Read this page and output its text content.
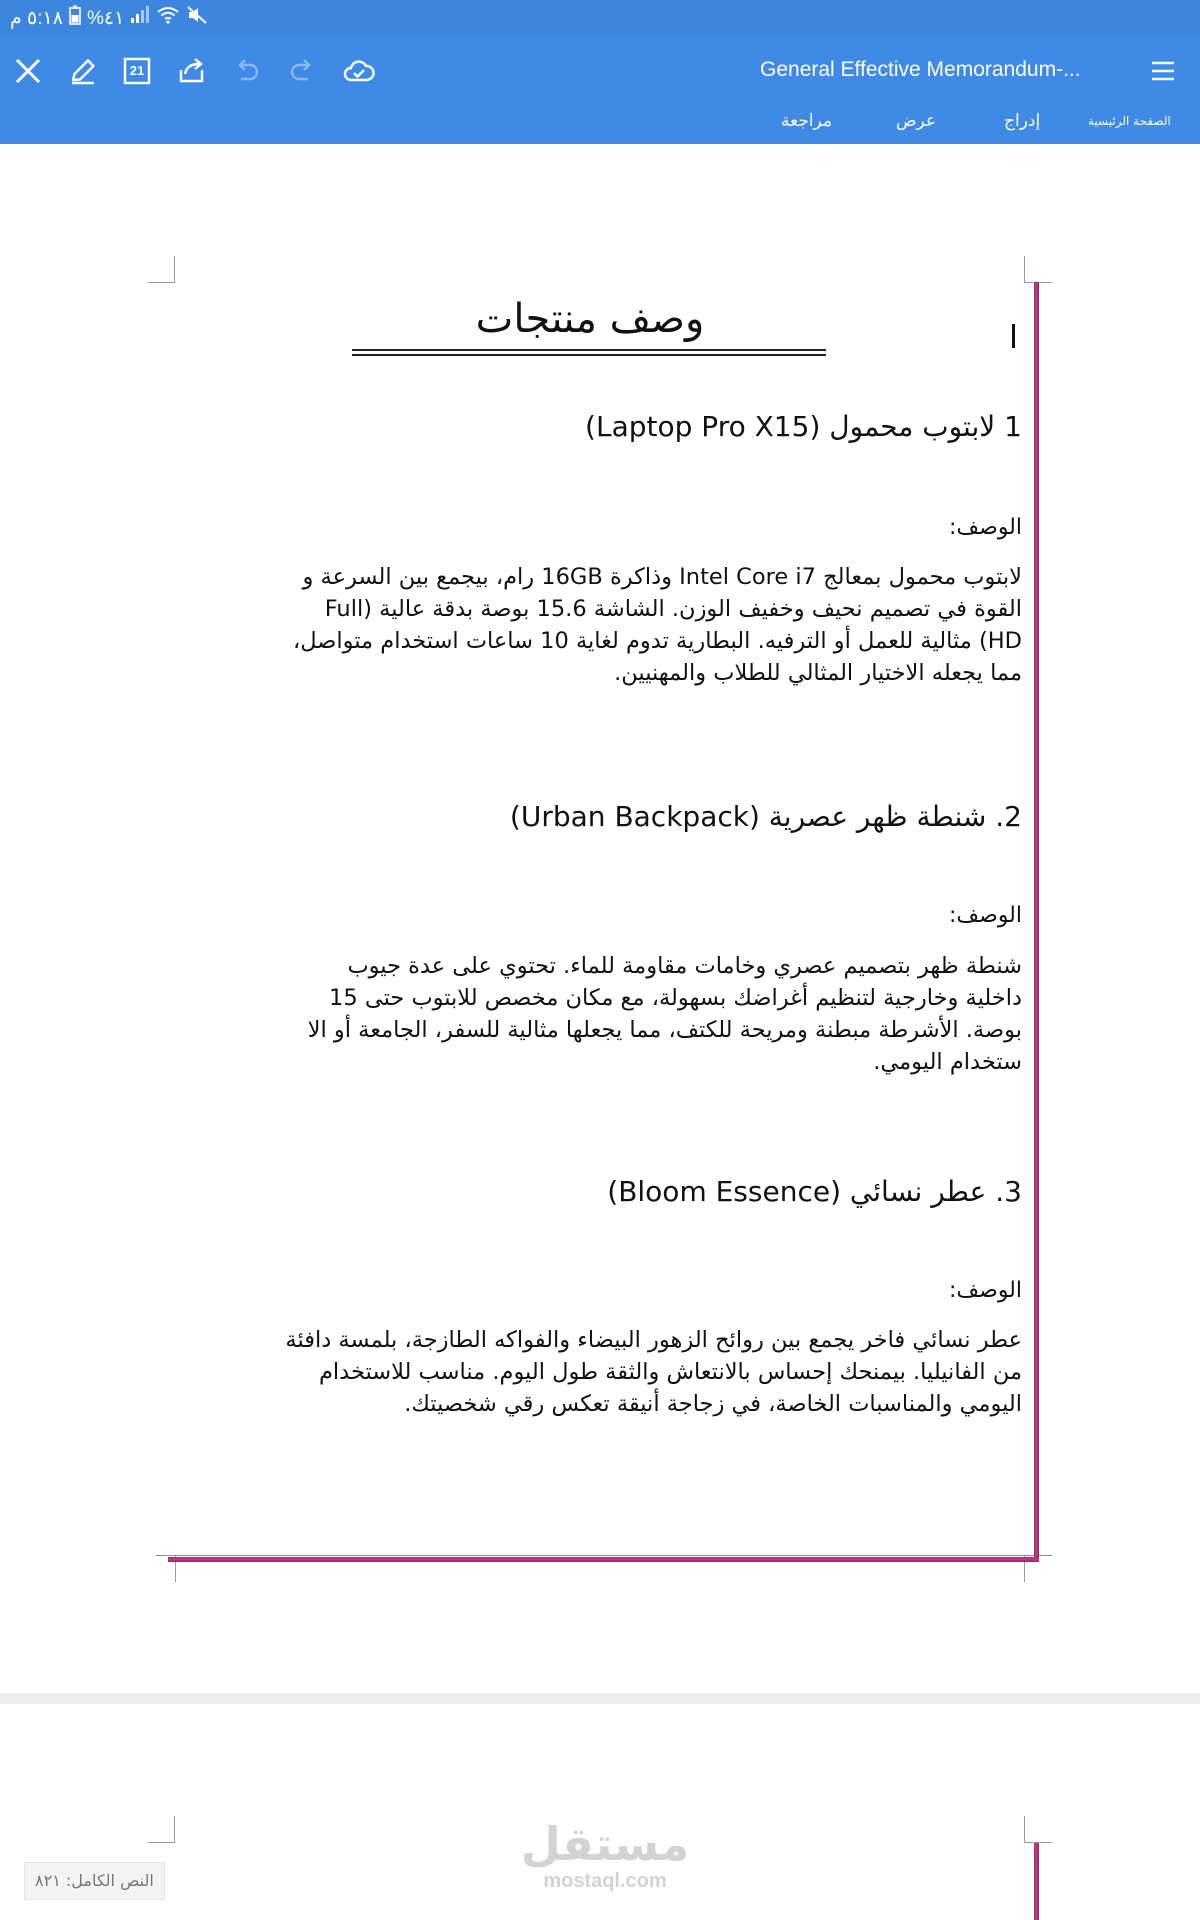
٥:١٨ م %٤١
21	General Effective Memorandum-...
الصفحة الرئيسية
إدراج
عرض
مراجعة
وصف منتجات
1 لابتوب محمول (Laptop Pro X15)
الوصف:
لابتوب محمول بمعالج Intel Core i7 وذاكرة 16GB رام، بيجمع بين السرعة و
القوة في تصميم نحيف وخفيف الوزن. الشاشة 15.6 بوصة بدقة عالية (Full
HD) مثالية للعمل أو الترفيه. البطارية تدوم لغاية 10 ساعات استخدام متواصل،
مما يجعله الاختيار المثالي للطلاب والمهنيين.
2. شنطة ظهر عصرية (Urban Backpack)
الوصف:
شنطة ظهر بتصميم عصري وخامات مقاومة للماء. تحتوي على عدة جيوب
داخلية وخارجية لتنظيم أغراضك بسهولة، مع مكان مخصص للابتوب حتى 15
بوصة. الأشرطة مبطنة ومريحة للكتف، مما يجعلها مثالية للسفر، الجامعة أو الا
ستخدام اليومي.
3. عطر نسائي (Bloom Essence)
الوصف:
عطر نسائي فاخر يجمع بين روائح الزهور البيضاء والفواكه الطازجة، بلمسة دافئة
من الفانيليا. بيمنحك إحساس بالانتعاش والثقة طول اليوم. مناسب للاستخدام
اليومي والمناسبات الخاصة، في زجاجة أنيقة تعكس رقي شخصيتك.
مستقل
mostaql.com
النص الكامل: ٨٢١
